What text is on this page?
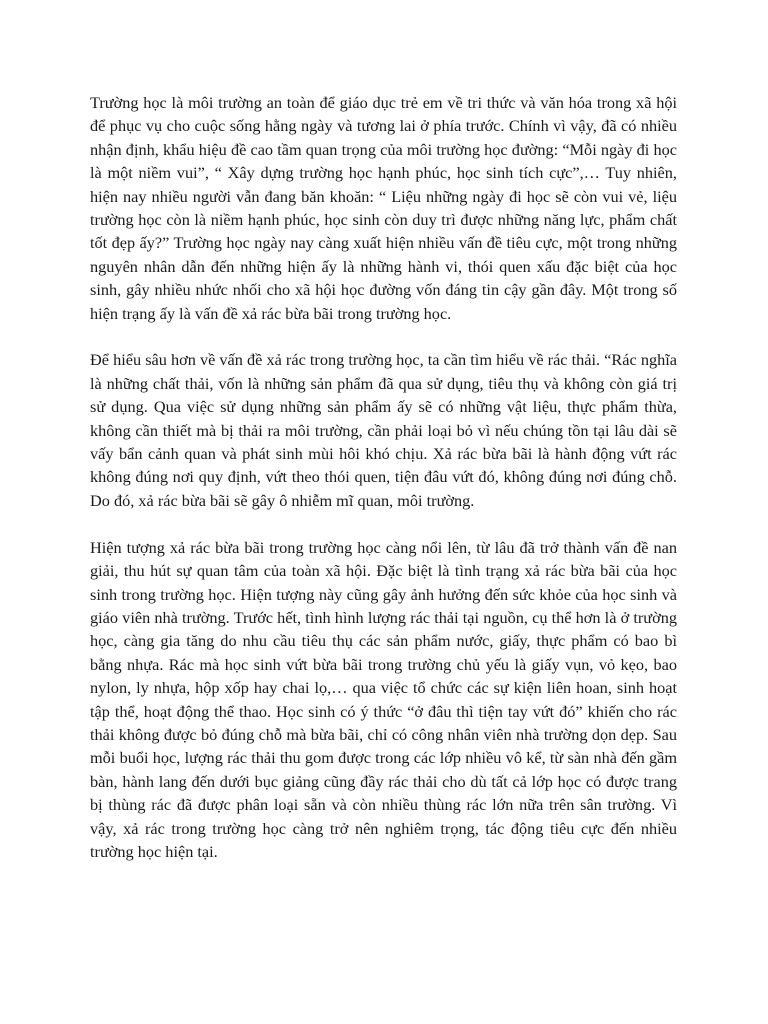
Trường học là môi trường an toàn để giáo dục trẻ em về tri thức và văn hóa trong xã hội để phục vụ cho cuộc sống hằng ngày và tương lai ở phía trước. Chính vì vậy, đã có nhiều nhận định, khẩu hiệu đề cao tầm quan trọng của môi trường học đường: “Mỗi ngày đi học là một niềm vui”, “ Xây dựng trường học hạnh phúc, học sinh tích cực”,… Tuy nhiên, hiện nay nhiều người vẫn đang băn khoăn: “ Liệu những ngày đi học sẽ còn vui vẻ, liệu trường học còn là niềm hạnh phúc, học sinh còn duy trì được những năng lực, phẩm chất tốt đẹp ấy?” Trường học ngày nay càng xuất hiện nhiều vấn đề tiêu cực, một trong những nguyên nhân dẫn đến những hiện ấy là những hành vi, thói quen xấu đặc biệt của học sinh, gây nhiều nhức nhối cho xã hội học đường vốn đáng tin cậy gần đây. Một trong số hiện trạng ấy là vấn đề xả rác bừa bãi trong trường học.

Để hiểu sâu hơn về vấn đề xả rác trong trường học, ta cần tìm hiểu về rác thải. “Rác nghĩa là những chất thải, vốn là những sản phẩm đã qua sử dụng, tiêu thụ và không còn giá trị sử dụng. Qua việc sử dụng những sản phẩm ấy sẽ có những vật liệu, thực phẩm thừa, không cần thiết mà bị thải ra môi trường, cần phải loại bỏ vì nếu chúng tồn tại lâu dài sẽ vấy bẩn cảnh quan và phát sinh mùi hôi khó chịu. Xả rác bừa bãi là hành động vứt rác không đúng nơi quy định, vứt theo thói quen, tiện đâu vứt đó, không đúng nơi đúng chỗ. Do đó, xả rác bừa bãi sẽ gây ô nhiễm mĩ quan, môi trường.

Hiện tượng xả rác bừa bãi trong trường học càng nổi lên, từ lâu đã trở thành vấn đề nan giải, thu hút sự quan tâm của toàn xã hội. Đặc biệt là tình trạng xả rác bừa bãi của học sinh trong trường học. Hiện tượng này cũng gây ảnh hưởng đến sức khỏe của học sinh và giáo viên nhà trường. Trước hết, tình hình lượng rác thải tại nguồn, cụ thể hơn là ở trường học, càng gia tăng do nhu cầu tiêu thụ các sản phẩm nước, giấy, thực phẩm có bao bì bằng nhựa. Rác mà học sinh vứt bừa bãi trong trường chủ yếu là giấy vụn, vỏ kẹo, bao nylon, ly nhựa, hộp xốp hay chai lọ,… qua việc tổ chức các sự kiện liên hoan, sinh hoạt tập thể, hoạt động thể thao. Học sinh có ý thức “ở đâu thì tiện tay vứt đó” khiến cho rác thải không được bỏ đúng chỗ mà bừa bãi, chỉ có công nhân viên nhà trường dọn dẹp. Sau mỗi buổi học, lượng rác thải thu gom được trong các lớp nhiều vô kể, từ sàn nhà đến gầm bàn, hành lang đến dưới bục giảng cũng đầy rác thải cho dù tất cả lớp học có được trang bị thùng rác đã được phân loại sẵn và còn nhiều thùng rác lớn nữa trên sân trường. Vì vậy, xả rác trong trường học càng trở nên nghiêm trọng, tác động tiêu cực đến nhiều trường học hiện tại.
